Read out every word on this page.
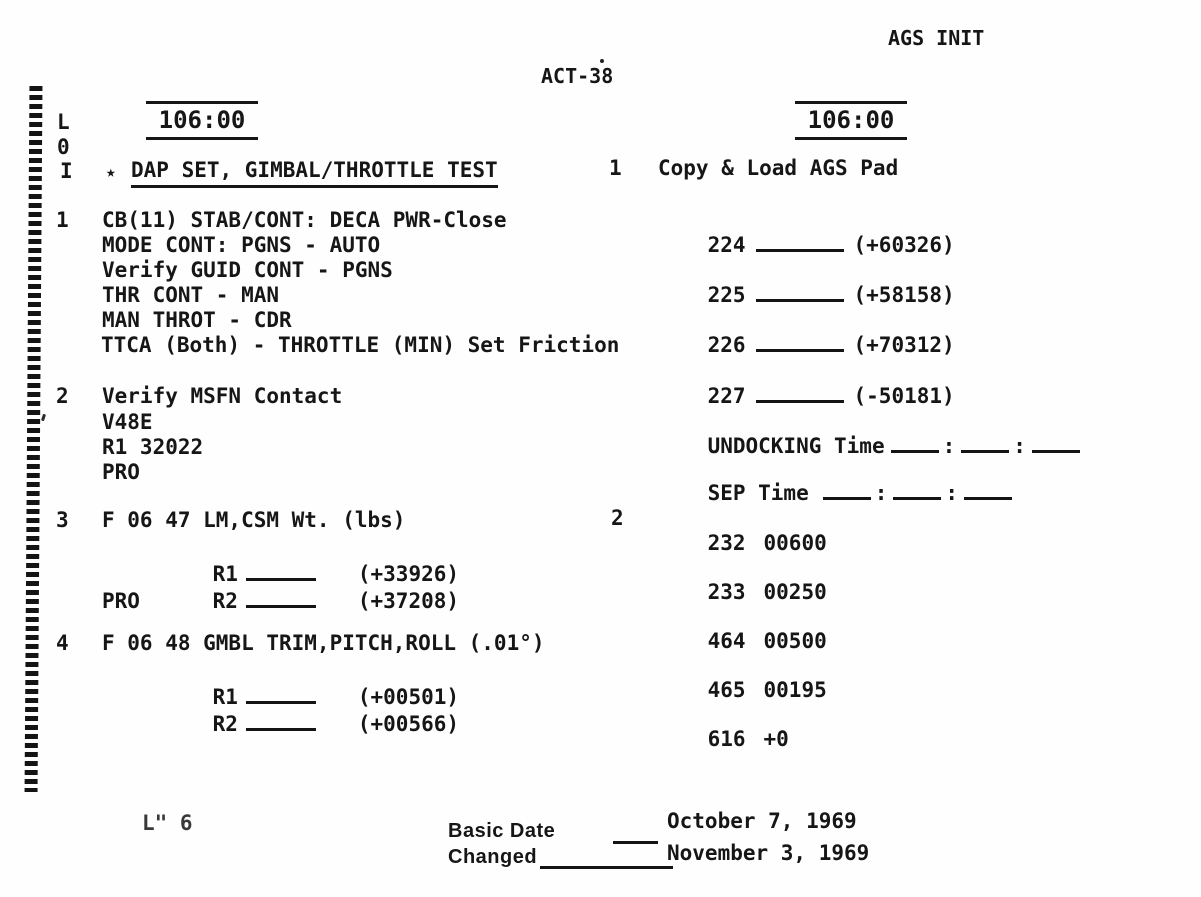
AGS INIT
ACT-38
L
0
I
106:00	106:00
★ DAP SET, GIMBAL/THROTTLE TEST
1 CB(11) STAB/CONT: DECA PWR-Close
MODE CONT: PGNS - AUTO
Verify GUID CONT - PGNS
THR CONT - MAN
MAN THROT - CDR
TTCA (Both) - THROTTLE (MIN) Set Friction
2 Verify MSFN Contact
V48E
R1 32022
PRO
3 F 06 47 LM,CSM Wt. (lbs)

R1	(+33926)

R2	(+37208)

PRO
4 F 06 48 GMBL TRIM,PITCH,ROLL (.01°)

R1	(+00501)

R2	(+00566)

1 Copy & Load AGS Pad

224	(+60326)

225	(+58158)

226	(+70312)

227	(-50181)

UNDOCKING Time	:	:

SEP Time	:	:

2

232 00600

233 00250

464 00500

465 00195

616 +0

L" 6	Basic Date	October 7, 1969
Changed	November 3, 1969
